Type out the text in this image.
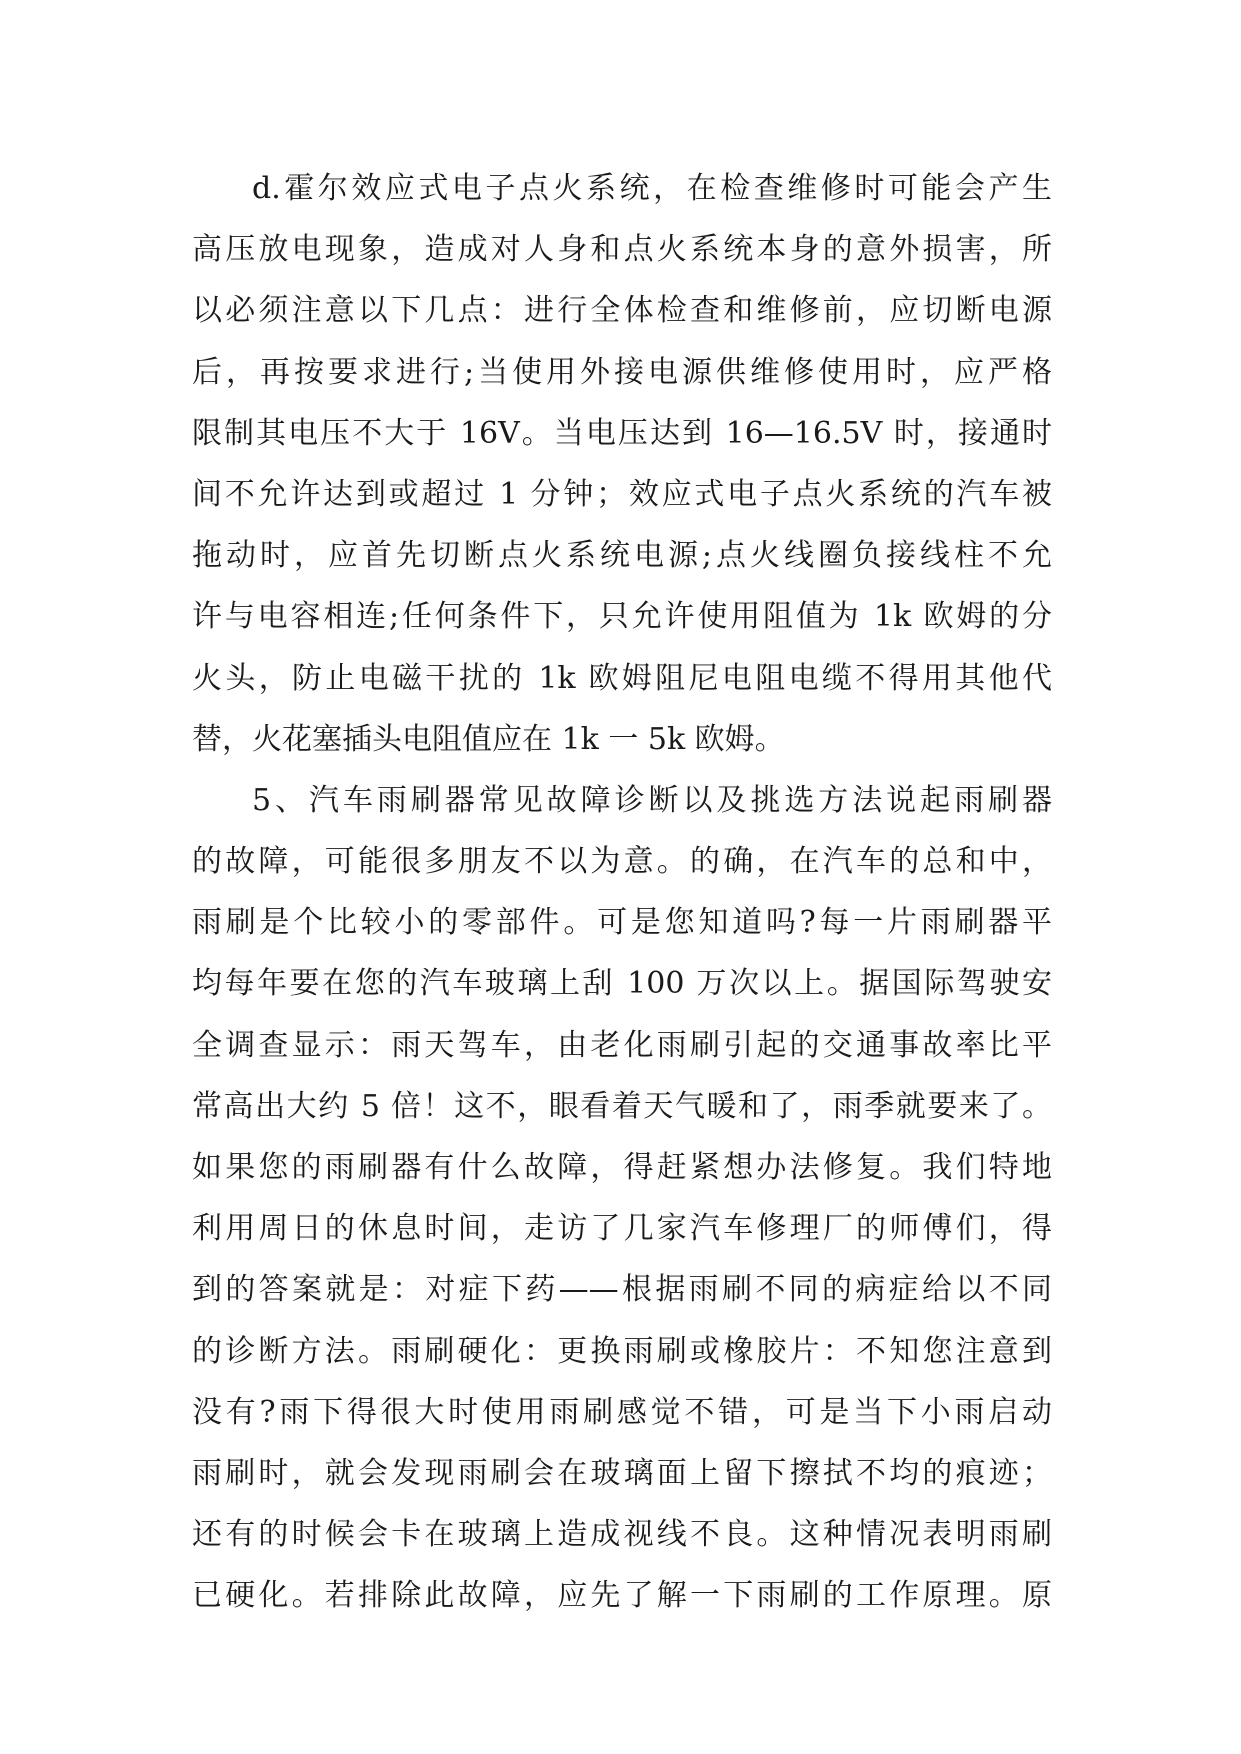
d.霍尔效应式电子点火系统，在检查维修时可能会产生
高压放电现象，造成对人身和点火系统本身的意外损害，所
以必须注意以下几点：进行全体检查和维修前，应切断电源
后，再按要求进行;当使用外接电源供维修使用时，应严格
限制其电压不大于 16V。当电压达到 16—16.5V 时，接通时
间不允许达到或超过 1 分钟；效应式电子点火系统的汽车被
拖动时，应首先切断点火系统电源;点火线圈负接线柱不允
许与电容相连;任何条件下，只允许使用阻值为 1k 欧姆的分
火头，防止电磁干扰的 1k 欧姆阻尼电阻电缆不得用其他代
替，火花塞插头电阻值应在 1k 一 5k 欧姆。
5、汽车雨刷器常见故障诊断以及挑选方法说起雨刷器
的故障，可能很多朋友不以为意。的确，在汽车的总和中，
雨刷是个比较小的零部件。可是您知道吗?每一片雨刷器平
均每年要在您的汽车玻璃上刮 100 万次以上。据国际驾驶安
全调查显示：雨天驾车，由老化雨刷引起的交通事故率比平
常高出大约 5 倍！这不，眼看着天气暖和了，雨季就要来了。
如果您的雨刷器有什么故障，得赶紧想办法修复。我们特地
利用周日的休息时间，走访了几家汽车修理厂的师傅们，得
到的答案就是：对症下药——根据雨刷不同的病症给以不同
的诊断方法。雨刷硬化：更换雨刷或橡胶片：不知您注意到
没有?雨下得很大时使用雨刷感觉不错，可是当下小雨启动
雨刷时，就会发现雨刷会在玻璃面上留下擦拭不均的痕迹；
还有的时候会卡在玻璃上造成视线不良。这种情况表明雨刷
已硬化。若排除此故障，应先了解一下雨刷的工作原理。原
